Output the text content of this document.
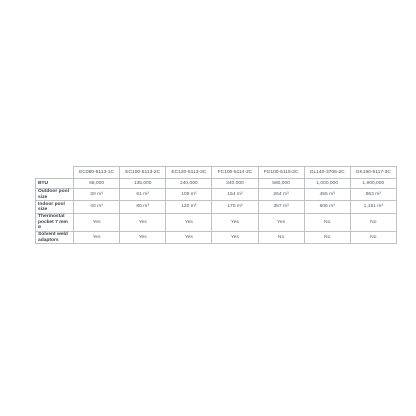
	EC080-5113-1C	EC100-5113-2C	EC120-5113-3C	FC100-5114-2C	FG100-5115-2C	GL140-3706-2C	GK190-5117-3C
BTU	68,000	135,000	240,000	340,000	580,000	1,000,000	1,900,000
Outdoor pool size	30 m³	61 m³	109 m³	154 m³	264 m³	455 m³	863 m³
Indoor pool size	40 m³	80 m³	120 m³	170 m³	357 m³	606 m³	1,151 m³
Thermostat pocket 7 mm ø	Yes	Yes	Yes	Yes	Yes	No	No
Solvent weld adaptors	Yes	Yes	Yes	Yes	No	No	No
